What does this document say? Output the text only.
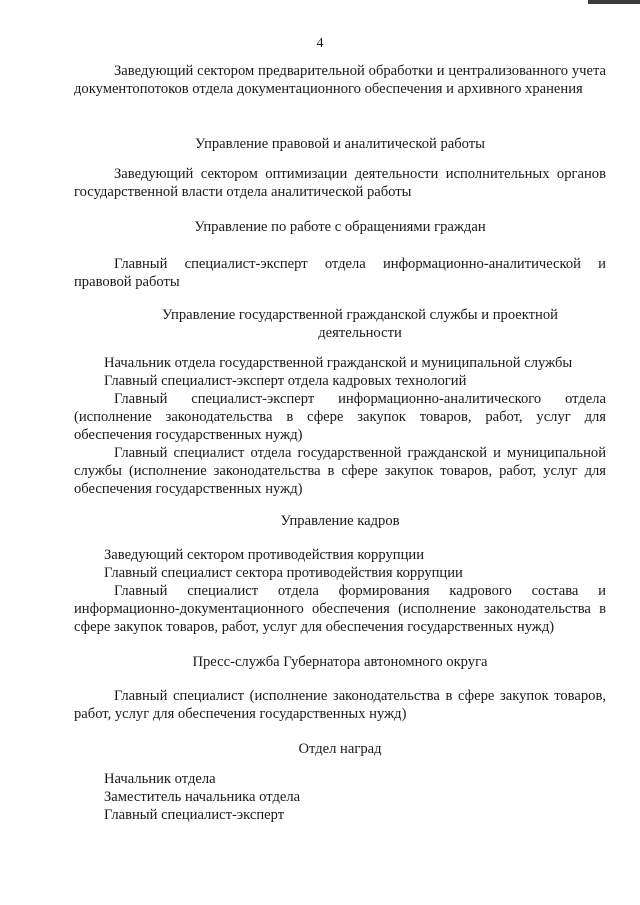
4

Заведующий сектором предварительной обработки и централизованного учета документопотоков отдела документационного обеспечения и архивного хранения

Управление правовой и аналитической работы

Заведующий сектором оптимизации деятельности исполнительных органов государственной власти отдела аналитической работы

Управление по работе с обращениями граждан

Главный специалист-эксперт отдела информационно-аналитической и правовой работы

Управление государственной гражданской службы и проектной деятельности

Начальник отдела государственной гражданской и муниципальной службы

Главный специалист-эксперт отдела кадровых технологий

Главный специалист-эксперт информационно-аналитического отдела (исполнение законодательства в сфере закупок товаров, работ, услуг для обеспечения государственных нужд)

Главный специалист отдела государственной гражданской и муниципальной службы (исполнение законодательства в сфере закупок товаров, работ, услуг для обеспечения государственных нужд)

Управление кадров

Заведующий сектором противодействия коррупции

Главный специалист сектора противодействия коррупции

Главный специалист отдела формирования кадрового состава и информационно-документационного обеспечения (исполнение законодательства в сфере закупок товаров, работ, услуг для обеспечения государственных нужд)

Пресс-служба Губернатора автономного округа

Главный специалист (исполнение законодательства в сфере закупок товаров, работ, услуг для обеспечения государственных нужд)

Отдел наград

Начальник отдела

Заместитель начальника отдела

Главный специалист-эксперт
